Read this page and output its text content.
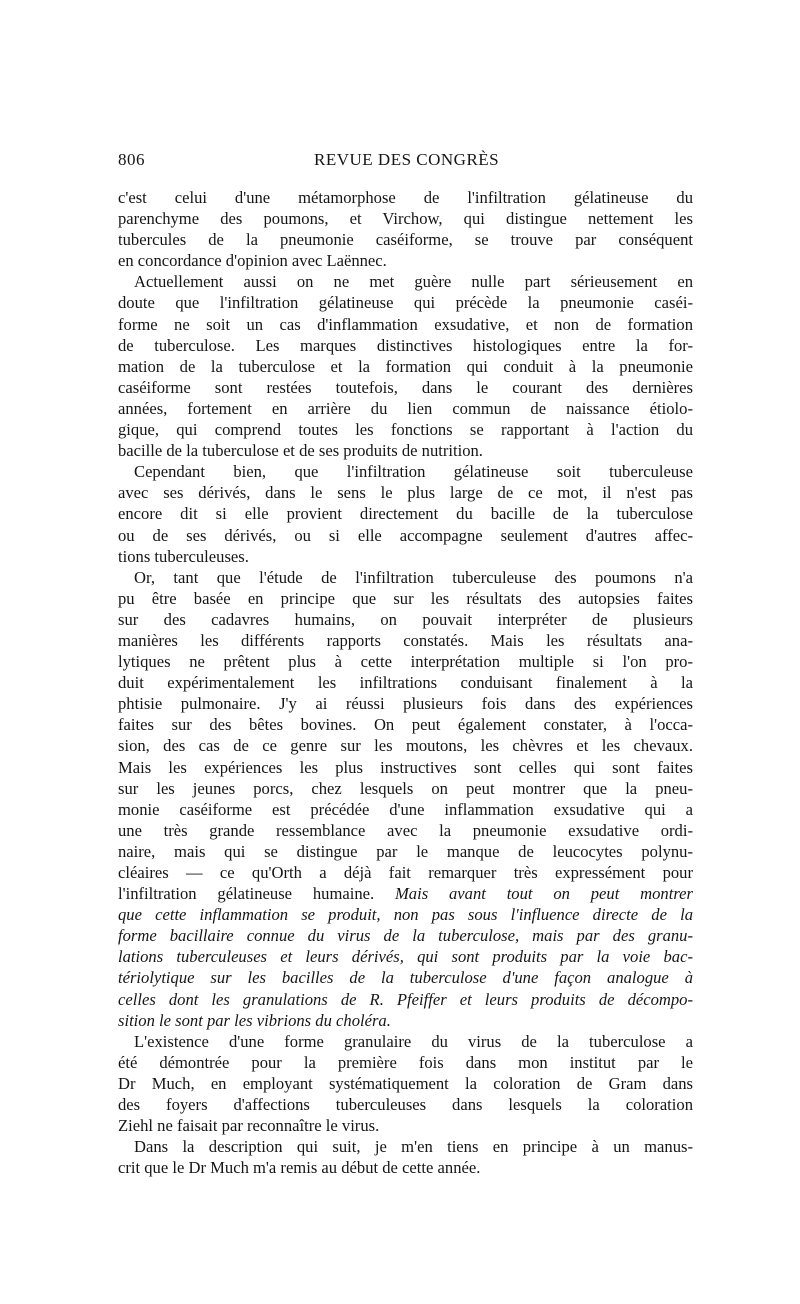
806	REVUE DES CONGRÈS
c'est celui d'une métamorphose de l'infiltration gélatineuse du
parenchyme des poumons, et Virchow, qui distingue nettement les
tubercules de la pneumonie caséiforme, se trouve par conséquent
en concordance d'opinion avec Laënnec.
Actuellement aussi on ne met guère nulle part sérieusement en
doute que l'infiltration gélatineuse qui précède la pneumonie caséi-
forme ne soit un cas d'inflammation exsudative, et non de formation
de tuberculose. Les marques distinctives histologiques entre la for-
mation de la tuberculose et la formation qui conduit à la pneumonie
caséiforme sont restées toutefois, dans le courant des dernières
années, fortement en arrière du lien commun de naissance étiolo-
gique, qui comprend toutes les fonctions se rapportant à l'action du
bacille de la tuberculose et de ses produits de nutrition.
Cependant bien, que l'infiltration gélatineuse soit tuberculeuse
avec ses dérivés, dans le sens le plus large de ce mot, il n'est pas
encore dit si elle provient directement du bacille de la tuberculose
ou de ses dérivés, ou si elle accompagne seulement d'autres affec-
tions tuberculeuses.
Or, tant que l'étude de l'infiltration tuberculeuse des poumons n'a
pu être basée en principe que sur les résultats des autopsies faites
sur des cadavres humains, on pouvait interpréter de plusieurs
manières les différents rapports constatés. Mais les résultats ana-
lytiques ne prêtent plus à cette interprétation multiple si l'on pro-
duit expérimentalement les infiltrations conduisant finalement à la
phtisie pulmonaire. J'y ai réussi plusieurs fois dans des expériences
faites sur des bêtes bovines. On peut également constater, à l'occa-
sion, des cas de ce genre sur les moutons, les chèvres et les chevaux.
Mais les expériences les plus instructives sont celles qui sont faites
sur les jeunes porcs, chez lesquels on peut montrer que la pneu-
monie caséiforme est précédée d'une inflammation exsudative qui a
une très grande ressemblance avec la pneumonie exsudative ordi-
naire, mais qui se distingue par le manque de leucocytes polynu-
cléaires — ce qu'Orth a déjà fait remarquer très expressément pour
l'infiltration gélatineuse humaine. Mais avant tout on peut montrer
que cette inflammation se produit, non pas sous l'influence directe de la
forme bacillaire connue du virus de la tuberculose, mais par des granu-
lations tuberculeuses et leurs dérivés, qui sont produits par la voie bac-
tériolytique sur les bacilles de la tuberculose d'une façon analogue à
celles dont les granulations de R. Pfeiffer et leurs produits de décompo-
sition le sont par les vibrions du choléra.
L'existence d'une forme granulaire du virus de la tuberculose a
été démontrée pour la première fois dans mon institut par le
Dr Much, en employant systématiquement la coloration de Gram dans
des foyers d'affections tuberculeuses dans lesquels la coloration
Ziehl ne faisait par reconnaître le virus.
Dans la description qui suit, je m'en tiens en principe à un manus-
crit que le Dr Much m'a remis au début de cette année.
